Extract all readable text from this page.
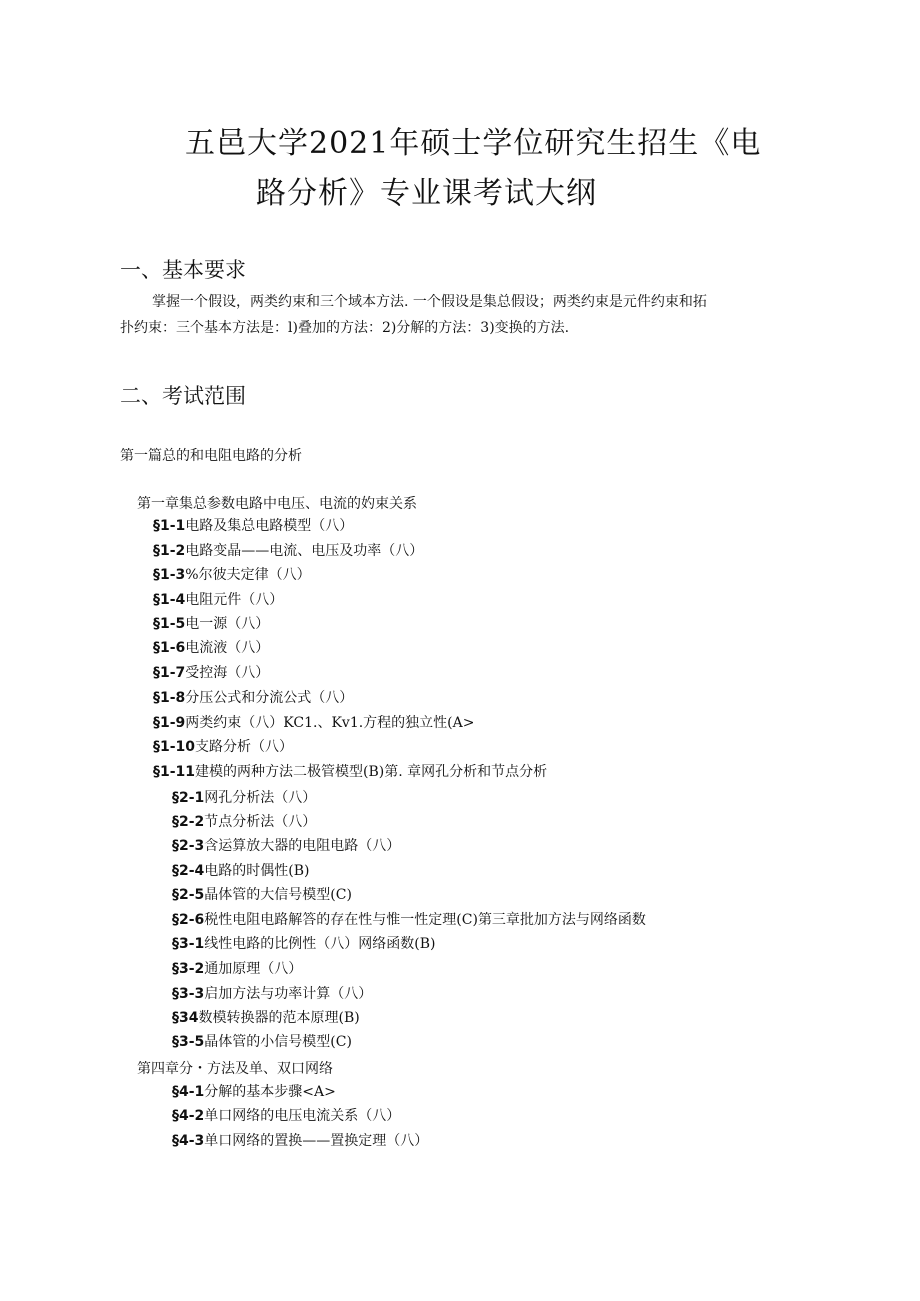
五邑大学2021年硕士学位研究生招生《电
路分析》专业课考试大纲
一、基本要求
掌握一个假设，两类约束和三个域本方法. 一个假设是集总假设；两类约束是元件约束和拓
扑约束：三个基本方法是：l)叠加的方法：2)分解的方法：3)变换的方法.
二、考试范围
第一篇总的和电阻电路的分析
第一章集总参数电路中电压、电流的妁束关系
§1-1电路及集总电路模型（八）
§1-2电路变晶——电流、电压及功率（八）
§1-3%尔彼夫定律（八）
§1-4电阻元件（八）
§1-5电一源（八）
§1-6电流液（八）
§1-7受控海（八）
§1-8分压公式和分流公式（八）
§1-9两类约束（八）KC1.、Kv1.方程的独立性(A>
§1-10支路分析（八）
§1-11建模的两种方法二极管模型(B)第. 章网孔分析和节点分析
§2-1网孔分析法（八）
§2-2节点分析法（八）
§2-3含运算放大器的电阻电路（八）
§2-4电路的时偶性(B)
§2-5晶体管的大信号模型(C)
§2-6税性电阻电路解答的存在性与惟一性定理(C)第三章批加方法与网络函数
§3-1线性电路的比例性（八）网络函数(B)
§3-2通加原理（八）
§3-3启加方法与功率计算（八）
§34数模转换器的范本原理(B)
§3-5晶体管的小信号模型(C)
第四章分・方法及单、双口网络
§4-1分解的基本步骤<A>
§4-2单口网络的电压电流关系（八）
§4-3单口网络的置换——置换定理（八）
